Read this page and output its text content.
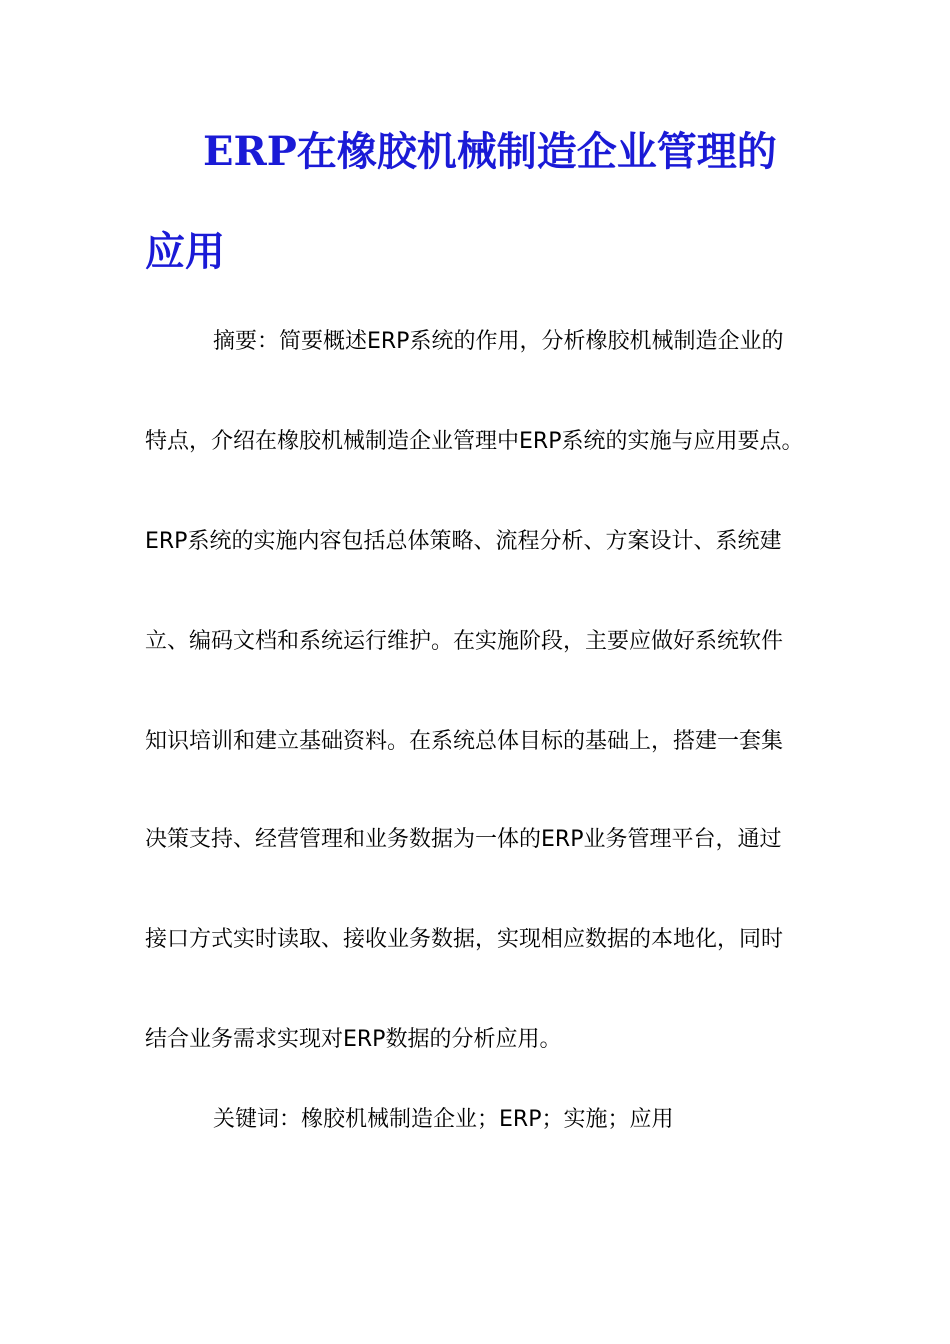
ERP在橡胶机械制造企业管理的
应用
摘要：简要概述ERP系统的作用，分析橡胶机械制造企业的
特点，介绍在橡胶机械制造企业管理中ERP系统的实施与应用要点。
ERP系统的实施内容包括总体策略、流程分析、方案设计、系统建
立、编码文档和系统运行维护。在实施阶段，主要应做好系统软件
知识培训和建立基础资料。在系统总体目标的基础上，搭建一套集
决策支持、经营管理和业务数据为一体的ERP业务管理平台，通过
接口方式实时读取、接收业务数据，实现相应数据的本地化，同时
结合业务需求实现对ERP数据的分析应用。
关键词：橡胶机械制造企业；ERP；实施；应用
